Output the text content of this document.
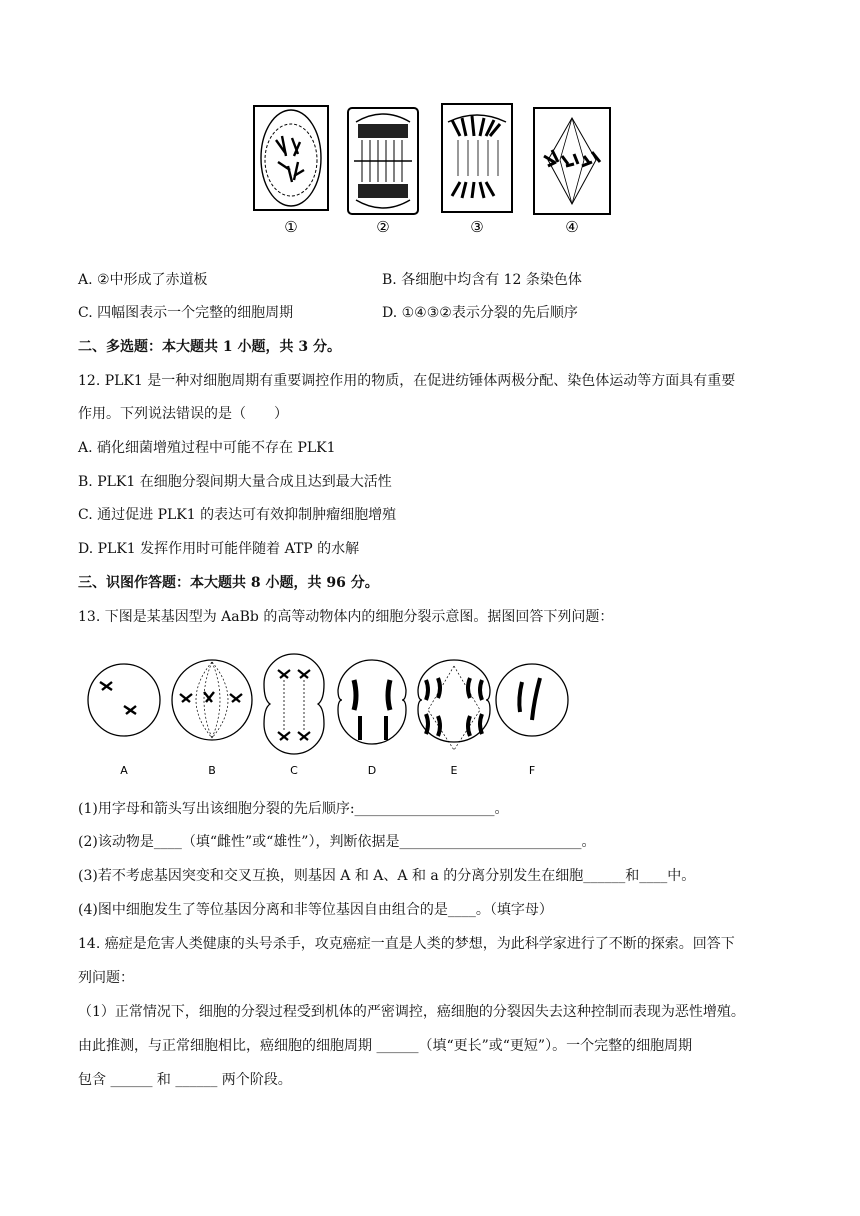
①	②	③	④
A. ②中形成了赤道板	B. 各细胞中均含有 12 条染色体
C. 四幅图表示一个完整的细胞周期	D. ①④③②表示分裂的先后顺序
二、多选题：本大题共 1 小题，共 3 分。
12. PLK1 是一种对细胞周期有重要调控作用的物质，在促进纺锤体两极分配、染色体运动等方面具有重要
作用。下列说法错误的是（　　）
A. 硝化细菌增殖过程中可能不存在 PLK1
B. PLK1 在细胞分裂间期大量合成且达到最大活性
C. 通过促进 PLK1 的表达可有效抑制肿瘤细胞增殖
D. PLK1 发挥作用时可能伴随着 ATP 的水解
三、识图作答题：本大题共 8 小题，共 96 分。
13. 下图是某基因型为 AaBb 的高等动物体内的细胞分裂示意图。据图回答下列问题：
A	B	C	D	E	F
(1)用字母和箭头写出该细胞分裂的先后顺序:____________________。
(2)该动物是____（填“雌性”或“雄性”），判断依据是__________________________。
(3)若不考虑基因突变和交叉互换，则基因 A 和 A、A 和 a 的分离分别发生在细胞______和____中。
(4)图中细胞发生了等位基因分离和非等位基因自由组合的是____。（填字母）
14. 癌症是危害人类健康的头号杀手，攻克癌症一直是人类的梦想，为此科学家进行了不断的探索。回答下
列问题：
（1）正常情况下，细胞的分裂过程受到机体的严密调控，癌细胞的分裂因失去这种控制而表现为恶性增殖。
由此推测，与正常细胞相比，癌细胞的细胞周期 ______（填“更长”或“更短”）。一个完整的细胞周期
包含 ______ 和 ______ 两个阶段。
